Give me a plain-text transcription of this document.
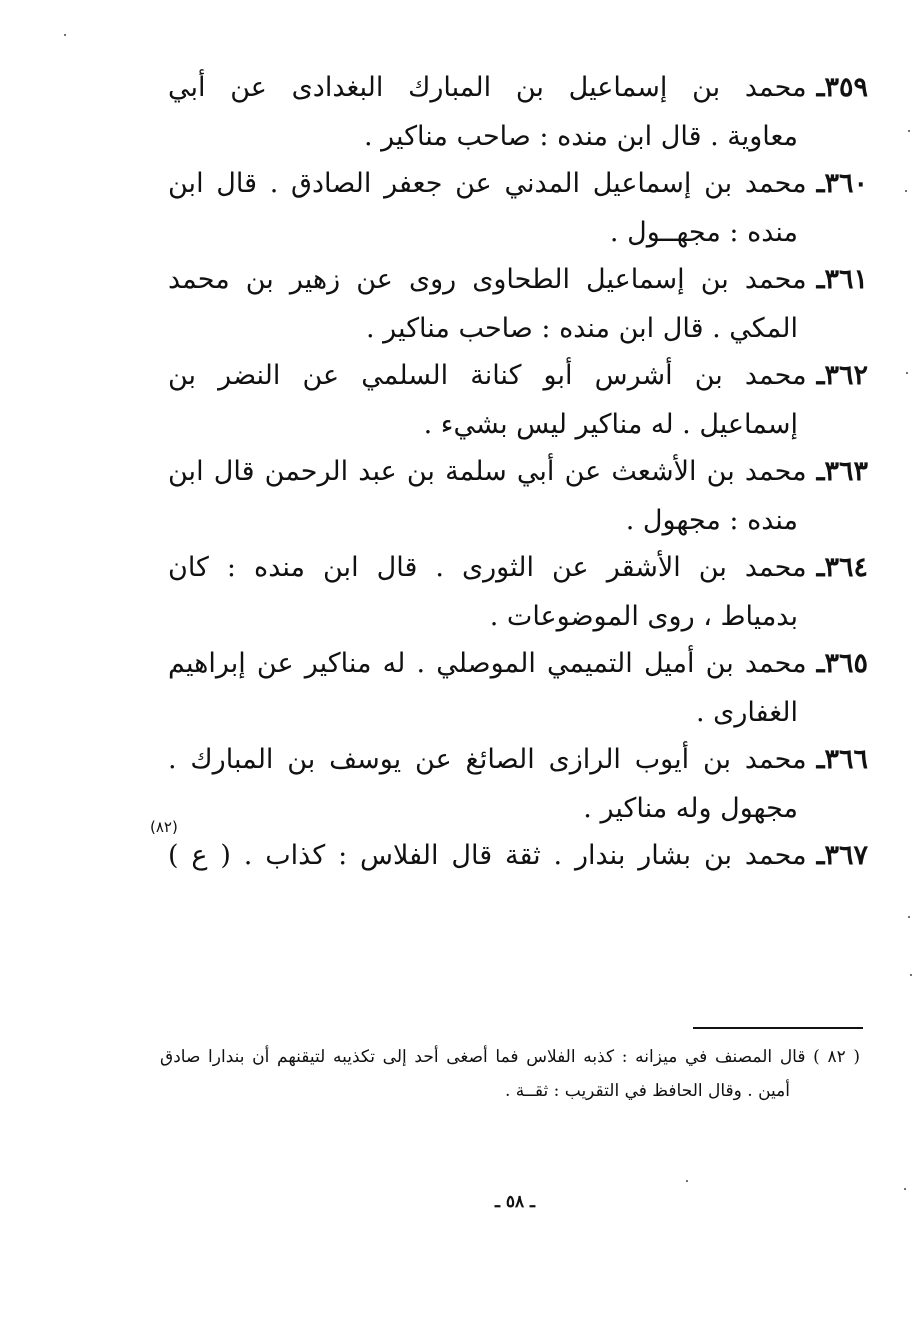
٣٥٩ـ
محمد بن إسماعيل بن المبارك البغدادى عن أبي
معاوية . قال ابن منده : صاحب مناكير .
٣٦٠ـ
محمد بن إسماعيل المدني عن جعفر الصادق . قال ابن
منده : مجهــول .
٣٦١ـ
محمد بن إسماعيل الطحاوى روى عن زهير بن محمد
المكي . قال ابن منده : صاحب مناكير .
٣٦٢ـ
محمد بن أشرس أبو كنانة السلمي عن النضر بن
إسماعيل . له مناكير ليس بشيء .
٣٦٣ـ
محمد بن الأشعث عن أبي سلمة بن عبد الرحمن قال ابن
منده : مجهول .
٣٦٤ـ
محمد بن الأشقر عن الثورى . قال ابن منده : كان
بدمياط ، روى الموضوعات .
٣٦٥ـ
محمد بن أميل التميمي الموصلي . له مناكير عن إبراهيم
الغفارى .
٣٦٦ـ
محمد بن أيوب الرازى الصائغ عن يوسف بن المبارك .
مجهول وله مناكير .
(٨٢)
٣٦٧ـ
محمد بن بشار بندار . ثقة قال الفلاس : كذاب . ( ع )
( ٨٢ ) قال المصنف في ميزانه : كذبه الفلاس فما أصغى أحد إلى تكذيبه لتيقنهم أن بندارا صادق
أمين . وقال الحافظ في التقريب : ثقــة .
ـ ٥٨ ـ
